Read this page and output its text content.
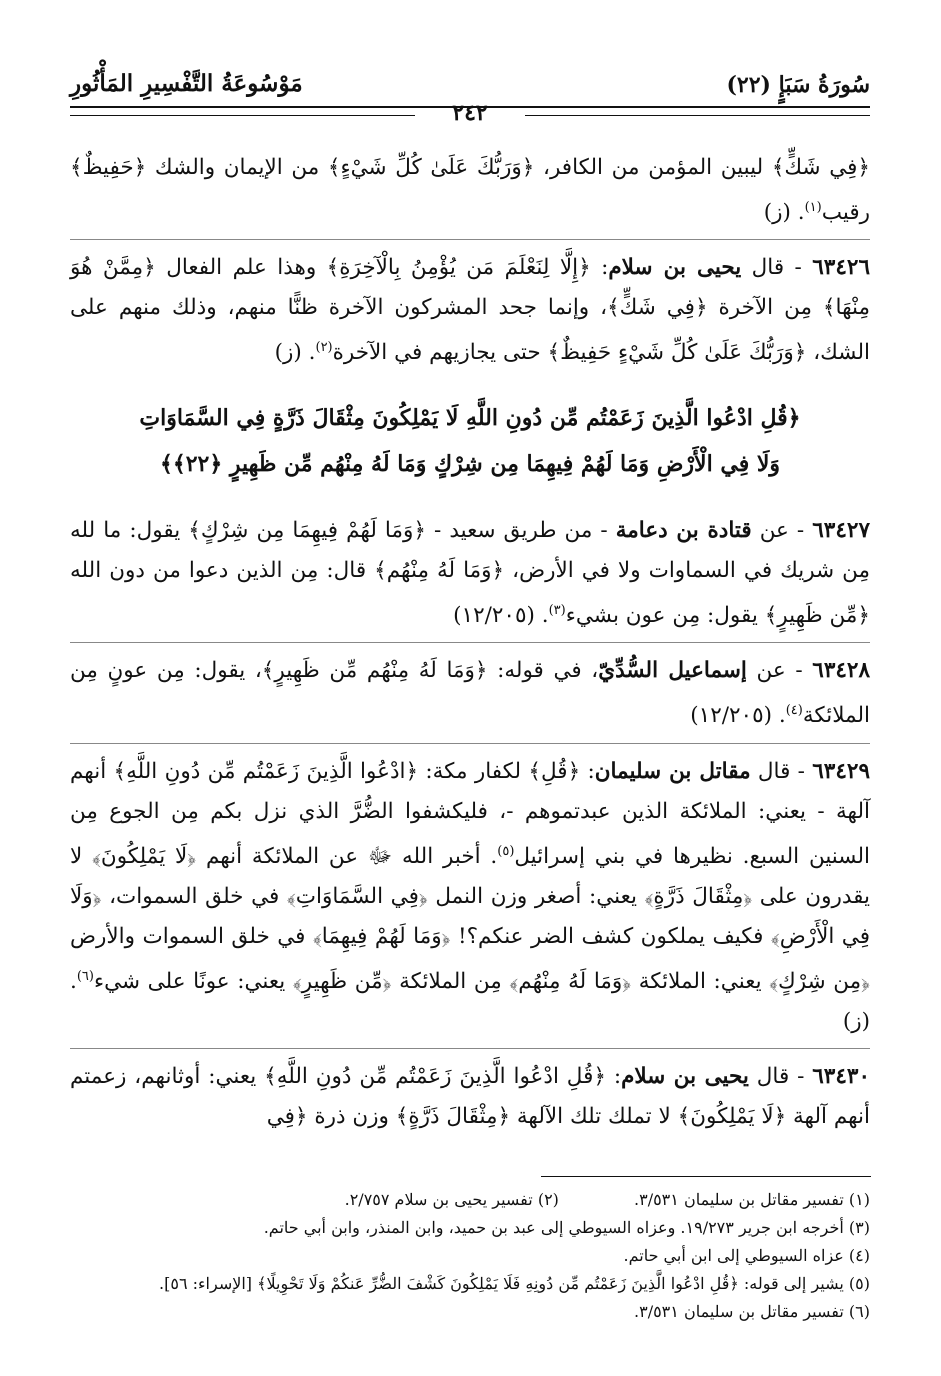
سُورَةُ سَبَإٍ (٢٢)
مَوْسُوعَةُ التَّفْسِيرِ المَأْثُورِ
٢٤٢

﴿فِي شَكٍّ﴾ ليبين المؤمن من الكافر، ﴿وَرَبُّكَ عَلَىٰ كُلِّ شَيْءٍ﴾ من الإيمان والشك ﴿حَفِيظٌ﴾ رقيب$^{(١)}$. (ز)

٦٣٤٢٦ - قال يحيى بن سلام: ﴿إِلَّا لِنَعْلَمَ مَن يُؤْمِنُ بِالْآخِرَةِ﴾ وهذا علم الفعال ﴿مِمَّنْ هُوَ مِنْهَا﴾ مِن الآخرة ﴿فِي شَكٍّ﴾، وإنما جحد المشركون الآخرة ظنًّا منهم، وذلك منهم على الشك، ﴿وَرَبُّكَ عَلَىٰ كُلِّ شَيْءٍ حَفِيظٌ﴾ حتى يجازيهم في الآخرة$^{(٢)}$. (ز)

﴿قُلِ ادْعُوا الَّذِينَ زَعَمْتُم مِّن دُونِ اللَّهِ لَا يَمْلِكُونَ مِثْقَالَ ذَرَّةٍ فِي السَّمَاوَاتِ
وَلَا فِي الْأَرْضِ وَمَا لَهُمْ فِيهِمَا مِن شِرْكٍ وَمَا لَهُ مِنْهُم مِّن ظَهِيرٍ ﴿٢٢﴾﴾

٦٣٤٢٧ - عن قتادة بن دعامة - من طريق سعيد - ﴿وَمَا لَهُمْ فِيهِمَا مِن شِرْكٍ﴾ يقول: ما لله مِن شريك في السماوات ولا في الأرض، ﴿وَمَا لَهُ مِنْهُم﴾ قال: مِن الذين دعوا من دون الله ﴿مِّن ظَهِيرٍ﴾ يقول: مِن عون بشيء$^{(٣)}$. (١٢/٢٠٥)

٦٣٤٢٨ - عن إسماعيل السُّدِّيّ، في قوله: ﴿وَمَا لَهُ مِنْهُم مِّن ظَهِيرٍ﴾، يقول: مِن عونٍ مِن الملائكة$^{(٤)}$. (١٢/٢٠٥)

٦٣٤٢٩ - قال مقاتل بن سليمان: ﴿قُلِ﴾ لكفار مكة: ﴿ادْعُوا الَّذِينَ زَعَمْتُم مِّن دُونِ اللَّهِ﴾ أنهم آلهة - يعني: الملائكة الذين عبدتموهم -، فليكشفوا الضُّرَّ الذي نزل بكم مِن الجوع مِن السنين السبع. نظيرها في بني إسرائيل$^{(٥)}$. أخبر الله ﷻ عن الملائكة أنهم ﴿لَا يَمْلِكُونَ﴾ لا يقدرون على ﴿مِثْقَالَ ذَرَّةٍ﴾ يعني: أصغر وزن النمل ﴿فِي السَّمَاوَاتِ﴾ في خلق السموات، ﴿وَلَا فِي الْأَرْضِ﴾ فكيف يملكون كشف الضر عنكم؟! ﴿وَمَا لَهُمْ فِيهِمَا﴾ في خلق السموات والأرض ﴿مِن شِرْكٍ﴾ يعني: الملائكة ﴿وَمَا لَهُ مِنْهُم﴾ مِن الملائكة ﴿مِّن ظَهِيرٍ﴾ يعني: عونًا على شيء$^{(٦)}$. (ز)

٦٣٤٣٠ - قال يحيى بن سلام: ﴿قُلِ ادْعُوا الَّذِينَ زَعَمْتُم مِّن دُونِ اللَّهِ﴾ يعني: أوثانهم، زعمتم أنهم آلهة ﴿لَا يَمْلِكُونَ﴾ لا تملك تلك الآلهة ﴿مِثْقَالَ ذَرَّةٍ﴾ وزن ذرة ﴿فِي

(١) تفسير مقاتل بن سليمان ٣/٥٣١. (٢) تفسير يحيى بن سلام ٢/٧٥٧.
(٣) أخرجه ابن جرير ١٩/٢٧٣. وعزاه السيوطي إلى عبد بن حميد، وابن المنذر، وابن أبي حاتم.
(٤) عزاه السيوطي إلى ابن أبي حاتم.
(٥) يشير إلى قوله: ﴿قُلِ ادْعُوا الَّذِينَ زَعَمْتُم مِّن دُونِهِ فَلَا يَمْلِكُونَ كَشْفَ الضُّرِّ عَنكُمْ وَلَا تَحْوِيلًا﴾ [الإسراء: ٥٦].
(٦) تفسير مقاتل بن سليمان ٣/٥٣١.
